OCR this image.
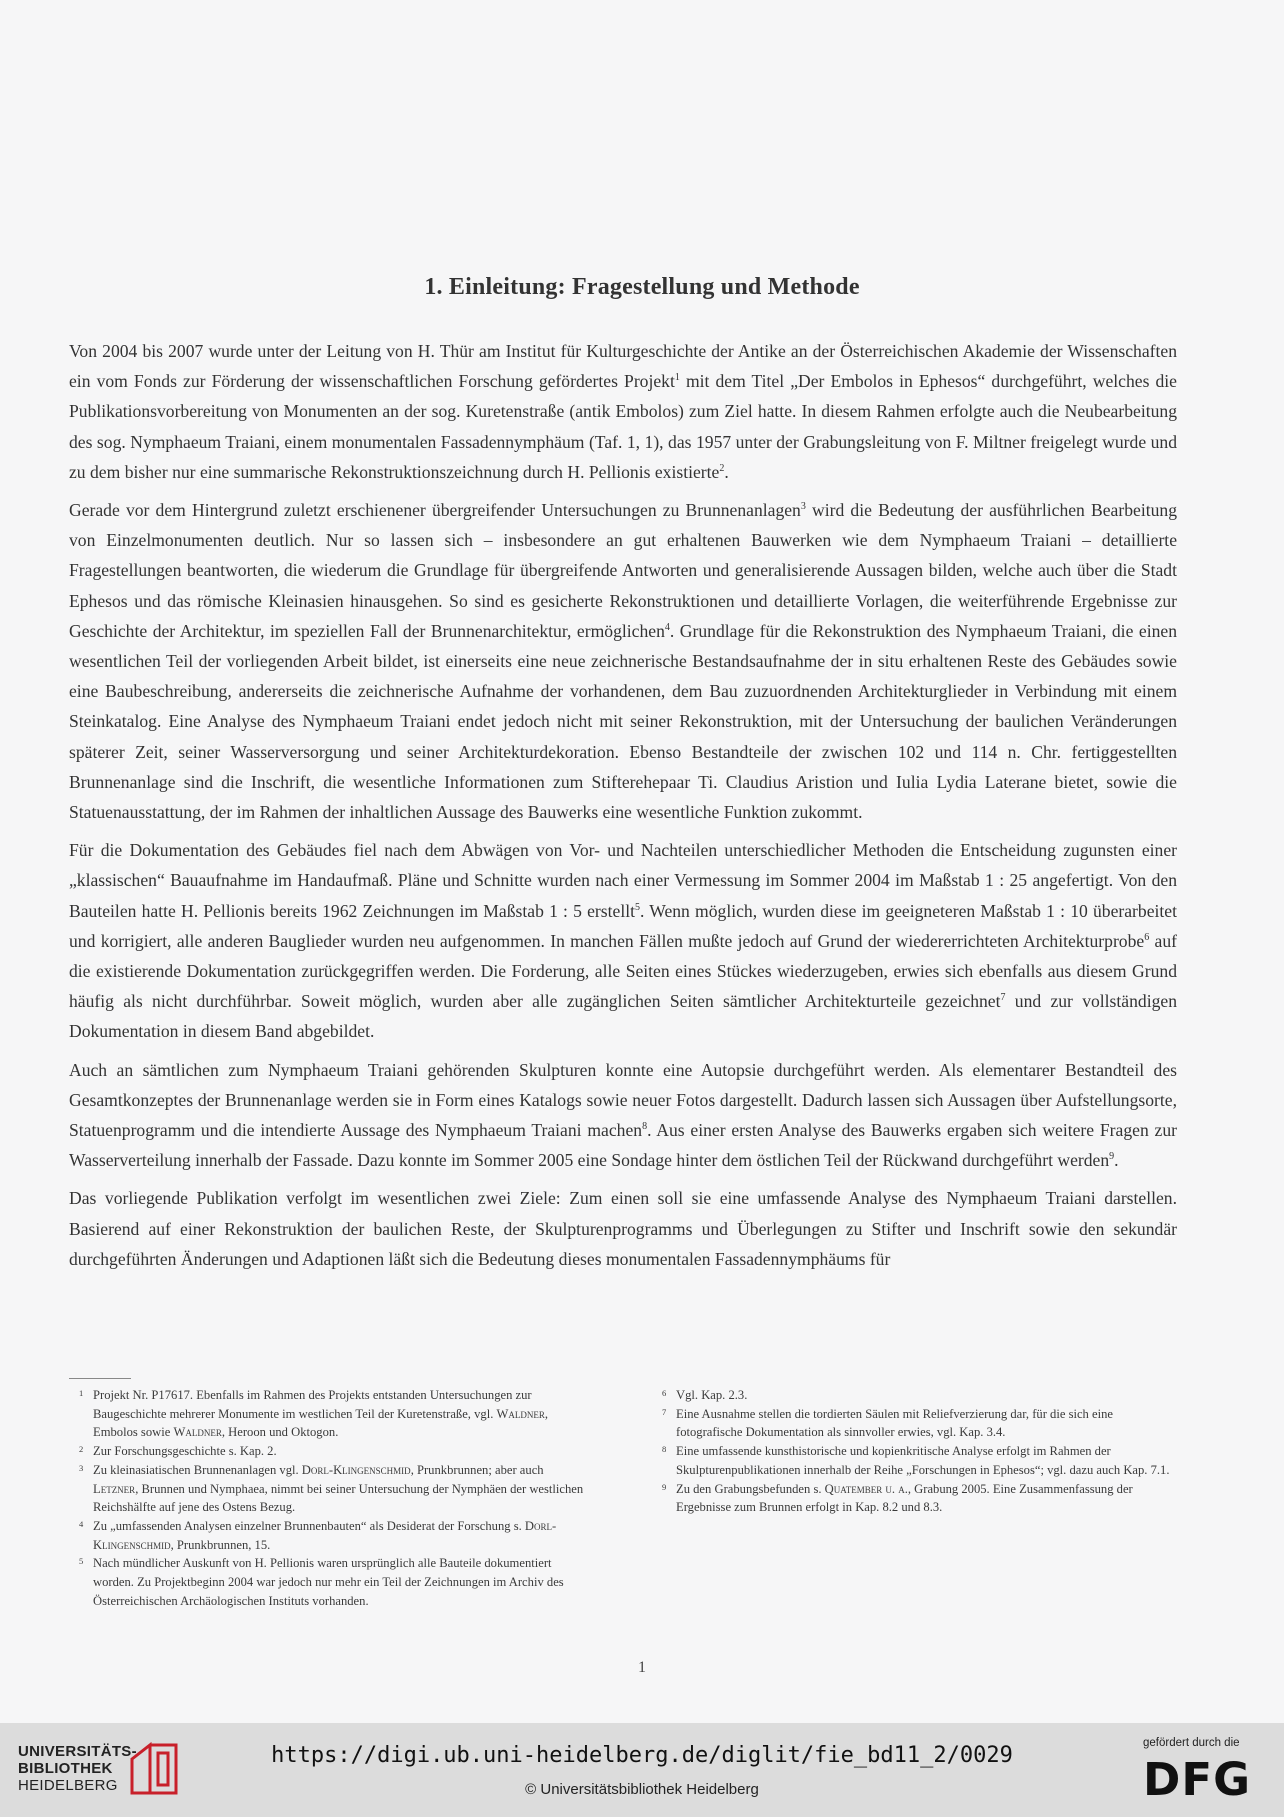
1. Einleitung: Fragestellung und Methode

Von 2004 bis 2007 wurde unter der Leitung von H. Thür am Institut für Kulturgeschichte der Antike an der Österreichischen Akademie der Wissenschaften ein vom Fonds zur Förderung der wissenschaftlichen Forschung gefördertes Projekt$^1$ mit dem Titel „Der Embolos in Ephesos“ durchgeführt, welches die Publikationsvorbereitung von Monumenten an der sog. Kuretenstraße (antik Embolos) zum Ziel hatte. In diesem Rahmen erfolgte auch die Neubearbeitung des sog. Nymphaeum Traiani, einem monumentalen Fassadennymphäum (Taf. 1, 1), das 1957 unter der Grabungsleitung von F. Miltner freigelegt wurde und zu dem bisher nur eine summarische Rekonstruktionszeichnung durch H. Pellionis existierte$^2$.

Gerade vor dem Hintergrund zuletzt erschienener übergreifender Untersuchungen zu Brunnenanlagen$^3$ wird die Bedeutung der ausführlichen Bearbeitung von Einzelmonumenten deutlich. Nur so lassen sich – insbesondere an gut erhaltenen Bauwerken wie dem Nymphaeum Traiani – detaillierte Fragestellungen beantworten, die wiederum die Grundlage für übergreifende Antworten und generalisierende Aussagen bilden, welche auch über die Stadt Ephesos und das römische Kleinasien hinausgehen. So sind es gesicherte Rekonstruktionen und detaillierte Vorlagen, die weiterführende Ergebnisse zur Geschichte der Architektur, im speziellen Fall der Brunnenarchitektur, ermöglichen$^4$. Grundlage für die Rekonstruktion des Nymphaeum Traiani, die einen wesentlichen Teil der vorliegenden Arbeit bildet, ist einerseits eine neue zeichnerische Bestandsaufnahme der in situ erhaltenen Reste des Gebäudes sowie eine Baubeschreibung, andererseits die zeichnerische Aufnahme der vorhandenen, dem Bau zuzuordnenden Architekturglieder in Verbindung mit einem Steinkatalog. Eine Analyse des Nymphaeum Traiani endet jedoch nicht mit seiner Rekonstruktion, mit der Untersuchung der baulichen Veränderungen späterer Zeit, seiner Wasserversorgung und seiner Architekturdekoration. Ebenso Bestandteile der zwischen 102 und 114 n. Chr. fertiggestellten Brunnenanlage sind die Inschrift, die wesentliche Informationen zum Stifterehepaar Ti. Claudius Aristion und Iulia Lydia Laterane bietet, sowie die Statuenausstattung, der im Rahmen der inhaltlichen Aussage des Bauwerks eine wesentliche Funktion zukommt.

Für die Dokumentation des Gebäudes fiel nach dem Abwägen von Vor- und Nachteilen unterschiedlicher Methoden die Entscheidung zugunsten einer „klassischen“ Bauaufnahme im Handaufmaß. Pläne und Schnitte wurden nach einer Vermessung im Sommer 2004 im Maßstab 1 : 25 angefertigt. Von den Bauteilen hatte H. Pellionis bereits 1962 Zeichnungen im Maßstab 1 : 5 erstellt$^5$. Wenn möglich, wurden diese im geeigneteren Maßstab 1 : 10 überarbeitet und korrigiert, alle anderen Bauglieder wurden neu aufgenommen. In manchen Fällen mußte jedoch auf Grund der wiedererrichteten Architekturprobe$^6$ auf die existierende Dokumentation zurückgegriffen werden. Die Forderung, alle Seiten eines Stückes wiederzugeben, erwies sich ebenfalls aus diesem Grund häufig als nicht durchführbar. Soweit möglich, wurden aber alle zugänglichen Seiten sämtlicher Architekturteile gezeichnet$^7$ und zur vollständigen Dokumentation in diesem Band abgebildet.

Auch an sämtlichen zum Nymphaeum Traiani gehörenden Skulpturen konnte eine Autopsie durchgeführt werden. Als elementarer Bestandteil des Gesamtkonzeptes der Brunnenanlage werden sie in Form eines Katalogs sowie neuer Fotos dargestellt. Dadurch lassen sich Aussagen über Aufstellungsorte, Statuenprogramm und die intendierte Aussage des Nymphaeum Traiani machen$^8$. Aus einer ersten Analyse des Bauwerks ergaben sich weitere Fragen zur Wasserverteilung innerhalb der Fassade. Dazu konnte im Sommer 2005 eine Sondage hinter dem östlichen Teil der Rückwand durchgeführt werden$^9$.

Das vorliegende Publikation verfolgt im wesentlichen zwei Ziele: Zum einen soll sie eine umfassende Analyse des Nymphaeum Traiani darstellen. Basierend auf einer Rekonstruktion der baulichen Reste, der Skulpturenprogramms und Überlegungen zu Stifter und Inschrift sowie den sekundär durchgeführten Änderungen und Adaptionen läßt sich die Bedeutung dieses monumentalen Fassadennymphäums für

1 Projekt Nr. P17617. Ebenfalls im Rahmen des Projekts entstanden Untersuchungen zur Baugeschichte mehrerer Monumente im westlichen Teil der Kuretenstraße, vgl. Waldner, Embolos sowie Waldner, Heroon und Oktogon.
2 Zur Forschungsgeschichte s. Kap. 2.
3 Zu kleinasiatischen Brunnenanlagen vgl. Dorl-Klingenschmid, Prunkbrunnen; aber auch Letzner, Brunnen und Nymphaea, nimmt bei seiner Untersuchung der Nymphäen der westlichen Reichshälfte auf jene des Ostens Bezug.
4 Zu „umfassenden Analysen einzelner Brunnenbauten“ als Desiderat der Forschung s. Dorl-Klingenschmid, Prunkbrunnen, 15.
5 Nach mündlicher Auskunft von H. Pellionis waren ursprünglich alle Bauteile dokumentiert worden. Zu Projektbeginn 2004 war jedoch nur mehr ein Teil der Zeichnungen im Archiv des Österreichischen Archäologischen Instituts vorhanden.
6 Vgl. Kap. 2.3.
7 Eine Ausnahme stellen die tordierten Säulen mit Reliefverzierung dar, für die sich eine fotografische Dokumentation als sinnvoller erwies, vgl. Kap. 3.4.
8 Eine umfassende kunsthistorische und kopienkritische Analyse erfolgt im Rahmen der Skulpturenpublikationen innerhalb der Reihe „Forschungen in Ephesos“; vgl. dazu auch Kap. 7.1.
9 Zu den Grabungsbefunden s. Quatember u. a., Grabung 2005. Eine Zusammenfassung der Ergebnisse zum Brunnen erfolgt in Kap. 8.2 und 8.3.
1
UNIVERSITÄTS-
BIBLIOTHEK
HEIDELBERG
https://digi.ub.uni-heidelberg.de/diglit/fie_bd11_2/0029
© Universitätsbibliothek Heidelberg
gefördert durch die
DFG
